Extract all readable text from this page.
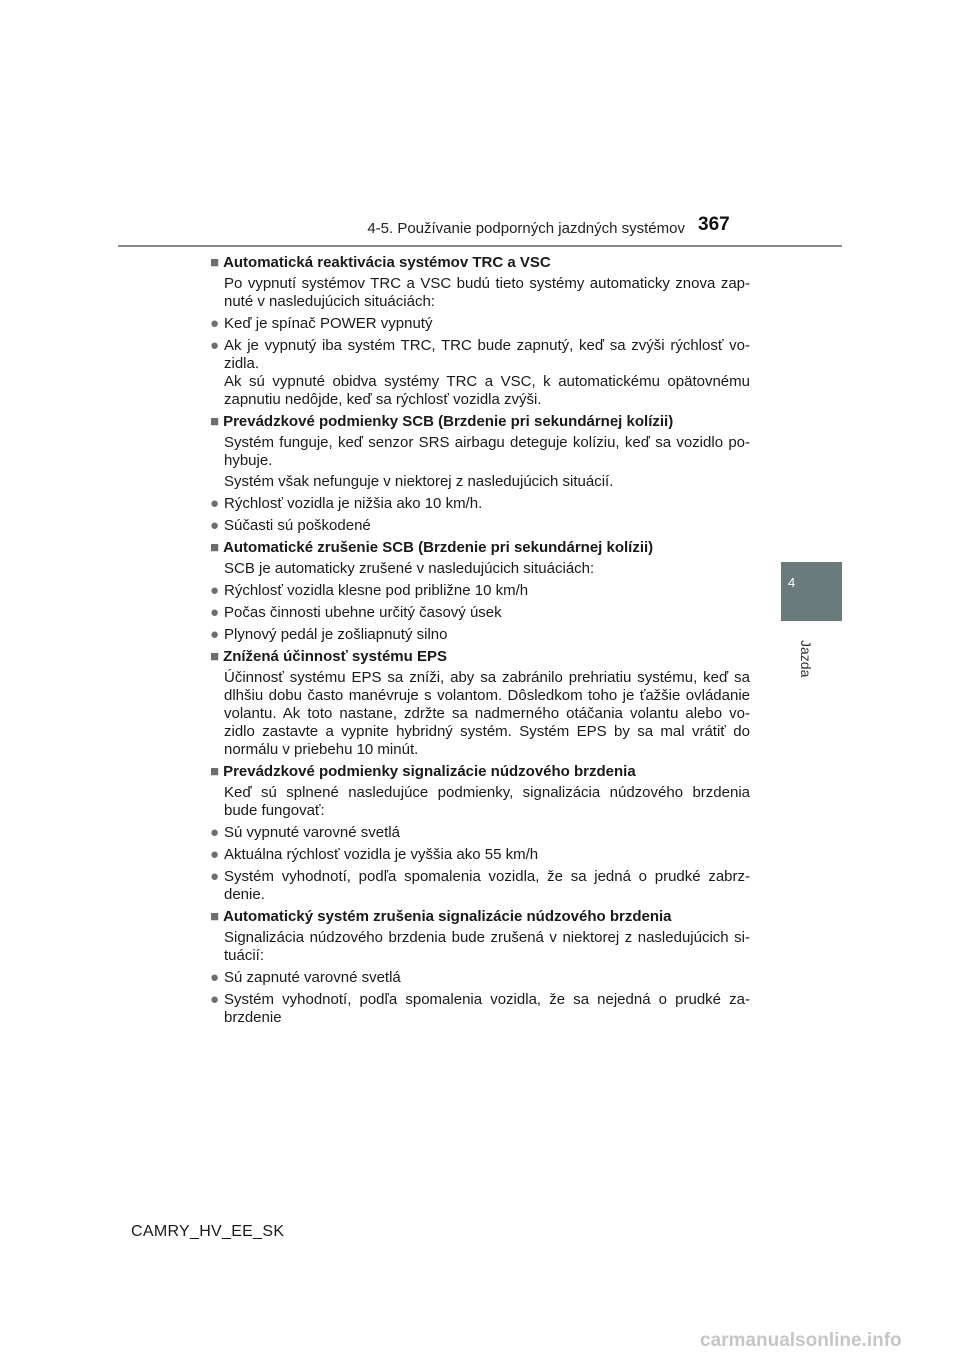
4-5. Používanie podporných jazdných systémov 367
4
Jazda
■ Automatická reaktivácia systémov TRC a VSC
Po vypnutí systémov TRC a VSC budú tieto systémy automaticky znova zap-nuté v nasledujúcich situáciách:
● Keď je spínač POWER vypnutý
● Ak je vypnutý iba systém TRC, TRC bude zapnutý, keď sa zvýši rýchlosť vo-zidla.
Ak sú vypnuté obidva systémy TRC a VSC, k automatickému opätovnému zapnutiu nedôjde, keď sa rýchlosť vozidla zvýši.
■ Prevádzkové podmienky SCB (Brzdenie pri sekundárnej kolízii)
Systém funguje, keď senzor SRS airbagu deteguje kolíziu, keď sa vozidlo po-hybuje.
Systém však nefunguje v niektorej z nasledujúcich situácií.
● Rýchlosť vozidla je nižšia ako 10 km/h.
● Súčasti sú poškodené
■ Automatické zrušenie SCB (Brzdenie pri sekundárnej kolízii)
SCB je automaticky zrušené v nasledujúcich situáciách:
● Rýchlosť vozidla klesne pod približne 10 km/h
● Počas činnosti ubehne určitý časový úsek
● Plynový pedál je zošliapnutý silno
■ Znížená účinnosť systému EPS
Účinnosť systému EPS sa zníži, aby sa zabránilo prehriatiu systému, keď sa dlhšiu dobu často manévruje s volantom. Dôsledkom toho je ťažšie ovládanie volantu. Ak toto nastane, zdržte sa nadmerného otáčania volantu alebo vo-zidlo zastavte a vypnite hybridný systém. Systém EPS by sa mal vrátiť do normálu v priebehu 10 minút.
■ Prevádzkové podmienky signalizácie núdzového brzdenia
Keď sú splnené nasledujúce podmienky, signalizácia núdzového brzdenia bude fungovať:
● Sú vypnuté varovné svetlá
● Aktuálna rýchlosť vozidla je vyššia ako 55 km/h
● Systém vyhodnotí, podľa spomalenia vozidla, že sa jedná o prudké zabrz-denie.
■ Automatický systém zrušenia signalizácie núdzového brzdenia
Signalizácia núdzového brzdenia bude zrušená v niektorej z nasledujúcich si-tuácií:
● Sú zapnuté varovné svetlá
● Systém vyhodnotí, podľa spomalenia vozidla, že sa nejedná o prudké za-brzdenie
CAMRY_HV_EE_SK
carmanualsonline.info
